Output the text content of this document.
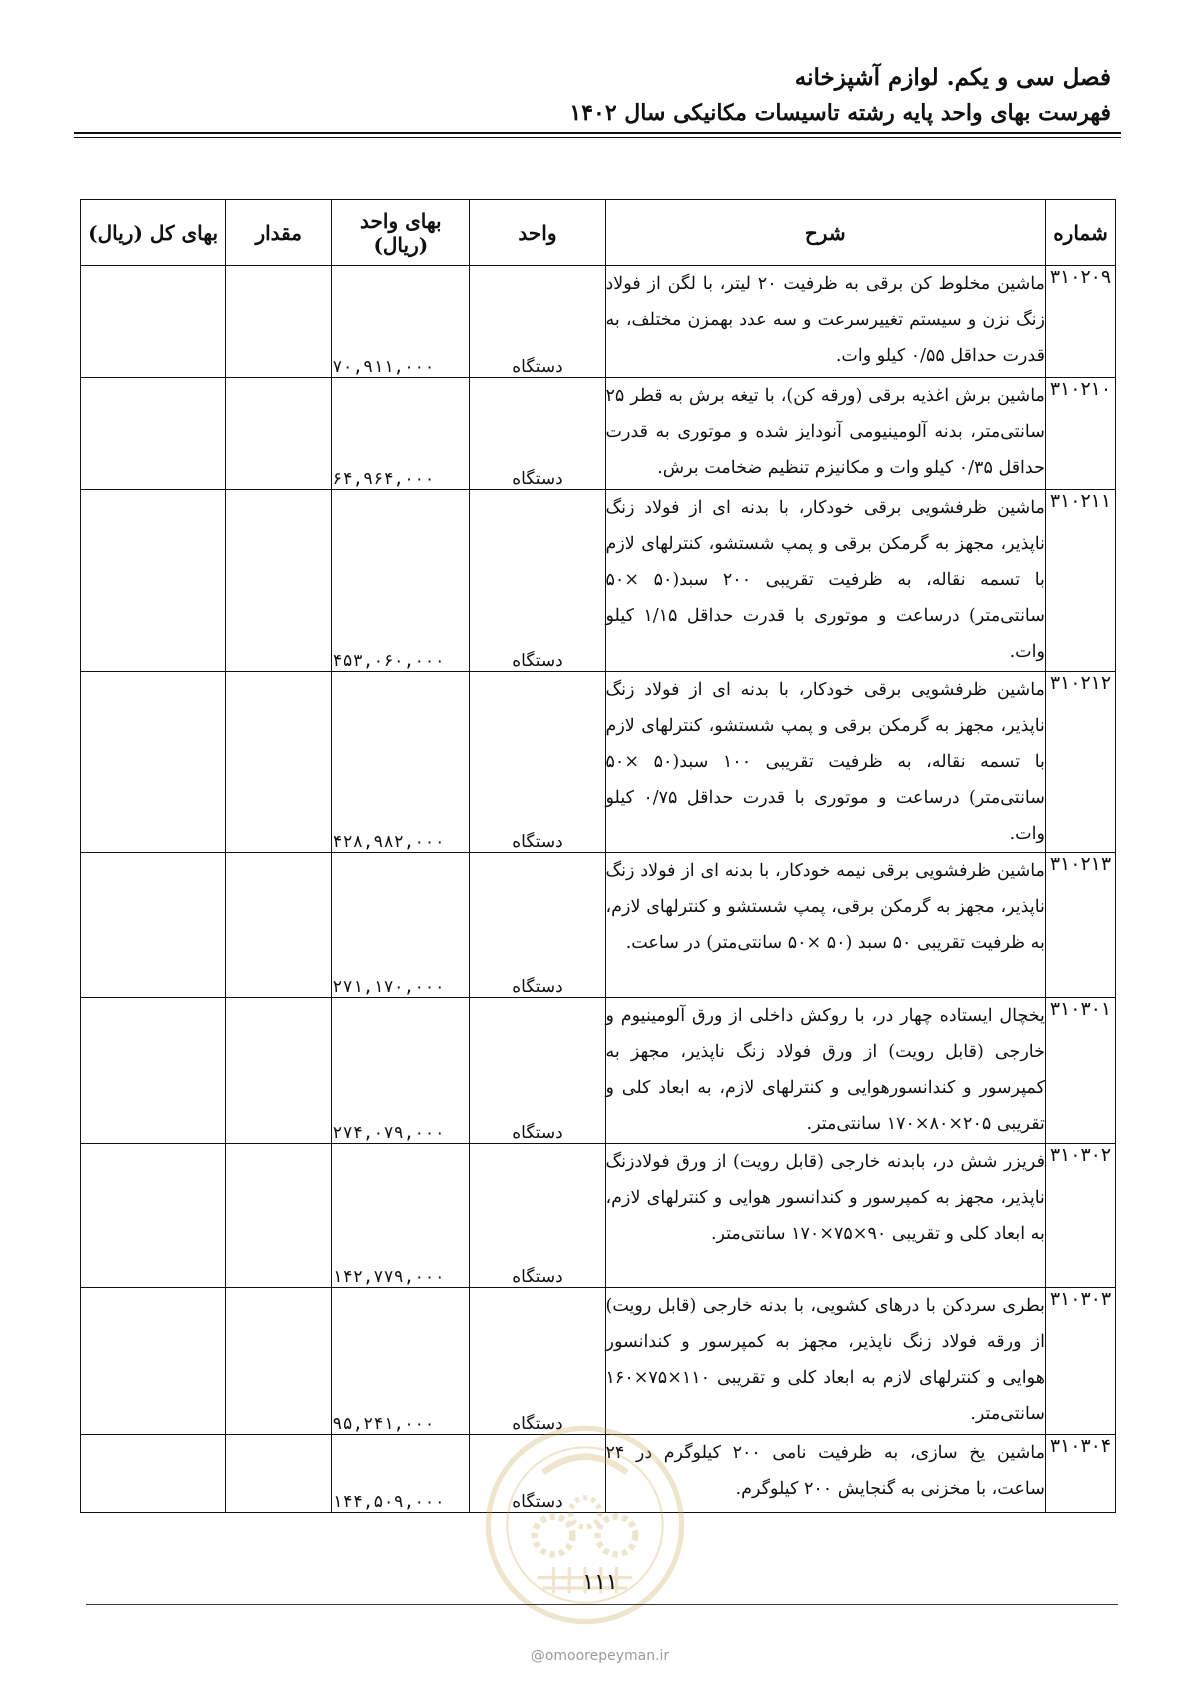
فصل سی و یکم. لوازم آشپزخانه
فهرست بهای واحد پایه رشته تاسیسات مکانیکی سال ۱۴۰۲
شماره	شرح	واحد	بهای واحد (ریال)	مقدار	بهای کل (ریال)
۳۱۰۲۰۹	ماشین مخلوط کن برقی به ظرفیت ۲۰ لیتر، با لگن از فولاد زنگ نزن و سیستم تغییرسرعت و سه عدد بهمزن مختلف، به قدرت حداقل ۰/۵۵ کیلو وات.	دستگاه	۷۰,۹۱۱,۰۰۰		
۳۱۰۲۱۰	ماشین برش اغذیه برقی (ورقه کن)، با تیغه برش به قطر ۲۵ سانتی‌متر، بدنه آلومینیومی آنودایز شده و موتوری به قدرت حداقل ۰/۳۵ کیلو وات و مکانیزم تنظیم ضخامت برش.	دستگاه	۶۴,۹۶۴,۰۰۰		
۳۱۰۲۱۱	ماشین ظرفشویی برقی خودکار، با بدنه ای از فولاد زنگ ناپذیر، مجهز به گرمکن برقی و پمپ شستشو، کنترلهای لازم با تسمه نقاله، به ظرفیت تقریبی ۲۰۰ سبد(۵۰ ×۵۰ سانتی‌متر) درساعت و موتوری با قدرت حداقل ۱/۱۵ کیلو وات.	دستگاه	۴۵۳,۰۶۰,۰۰۰		
۳۱۰۲۱۲	ماشین ظرفشویی برقی خودکار، با بدنه ای از فولاد زنگ ناپذیر، مجهز به گرمکن برقی و پمپ شستشو، کنترلهای لازم با تسمه نقاله، به ظرفیت تقریبی ۱۰۰ سبد(۵۰ ×۵۰ سانتی‌متر) درساعت و موتوری با قدرت حداقل ۰/۷۵ کیلو وات.	دستگاه	۴۲۸,۹۸۲,۰۰۰		
۳۱۰۲۱۳	ماشین ظرفشویی برقی نیمه خودکار، با بدنه ای از فولاد زنگ ناپذیر، مجهز به گرمکن برقی، پمپ شستشو و کنترلهای لازم، به ظرفیت تقریبی ۵۰ سبد (۵۰ ×۵۰ سانتی‌متر) در ساعت.	دستگاه	۲۷۱,۱۷۰,۰۰۰		
۳۱۰۳۰۱	یخچال ایستاده چهار در، با روکش داخلی از ورق آلومینیوم و خارجی (قابل رویت) از ورق فولاد زنگ ناپذیر، مجهز به کمپرسور و کندانسورهوایی و کنترلهای لازم، به ابعاد کلی و تقریبی ۲۰۵×۸۰×۱۷۰ سانتی‌متر.	دستگاه	۲۷۴,۰۷۹,۰۰۰		
۳۱۰۳۰۲	فریزر شش در، بابدنه خارجی (قابل رویت) از ورق فولادزنگ ناپذیر، مجهز به کمپرسور و کندانسور هوایی و کنترلهای لازم، به ابعاد کلی و تقریبی ۹۰×۷۵×۱۷۰ سانتی‌متر.	دستگاه	۱۴۲,۷۷۹,۰۰۰		
۳۱۰۳۰۳	بطری سردکن با درهای کشویی، با بدنه خارجی (قابل رویت) از ورقه فولاد زنگ ناپذیر، مجهز به کمپرسور و کندانسور هوایی و کنترلهای لازم به ابعاد کلی و تقریبی ۱۱۰×۷۵×۱۶۰ سانتی‌متر.	دستگاه	۹۵,۲۴۱,۰۰۰		
۳۱۰۳۰۴	ماشین یخ سازی، به ظرفیت نامی ۲۰۰ کیلوگرم در ۲۴ ساعت، با مخزنی به گنجایش ۲۰۰ کیلوگرم.	دستگاه	۱۴۴,۵۰۹,۰۰۰		
۱۱۱
@omoorepeyman.ir
